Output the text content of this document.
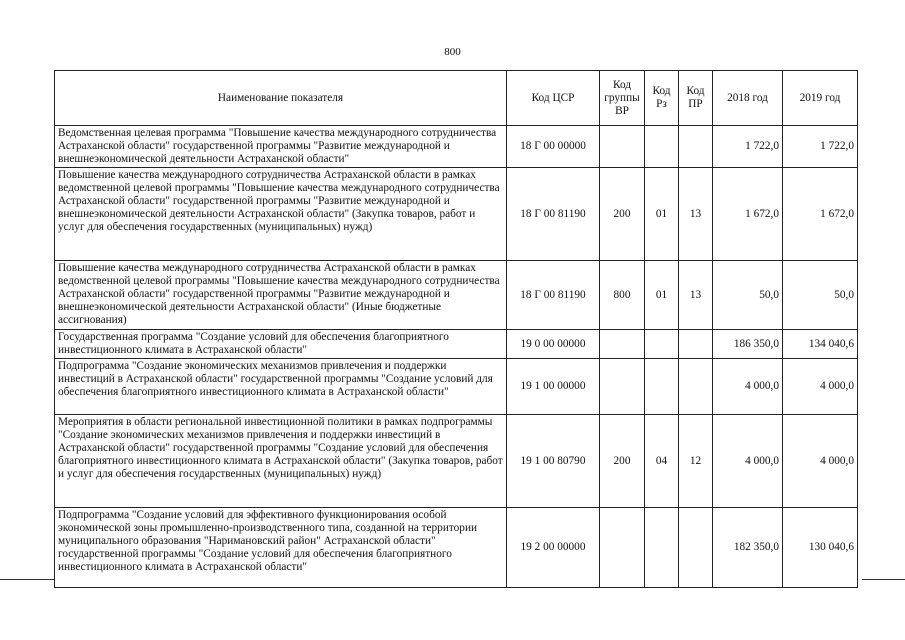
800
Наименование показателя	Код ЦСР	Код группы ВР	Код Рз	Код ПР	2018 год	2019 год
Ведомственная целевая программа "Повышение качества международного сотрудничества Астраханской области" государственной программы "Развитие международной и внешнеэкономической деятельности Астраханской области"	18 Г 00 00000				1 722,0	1 722,0
Повышение качества международного сотрудничества Астраханской области в рамках ведомственной целевой программы "Повышение качества международного сотрудничества Астраханской области" государственной программы "Развитие международной и внешнеэкономической деятельности Астраханской области" (Закупка товаров, работ и услуг для обеспечения государственных (муниципальных) нужд)	18 Г 00 81190	200	01	13	1 672,0	1 672,0
Повышение качества международного сотрудничества Астраханской области в рамках ведомственной целевой программы "Повышение качества международного сотрудничества Астраханской области" государственной программы "Развитие международной и внешнеэкономической деятельности Астраханской области" (Иные бюджетные ассигнования)	18 Г 00 81190	800	01	13	50,0	50,0
Государственная программа "Создание условий для обеспечения благоприятного инвестиционного климата в Астраханской области"	19 0 00 00000				186 350,0	134 040,6
Подпрограмма "Создание экономических механизмов привлечения и поддержки инвестиций в Астраханской области" государственной программы "Создание условий для обеспечения благоприятного инвестиционного климата в Астраханской области"	19 1 00 00000				4 000,0	4 000,0
Мероприятия в области региональной инвестиционной политики в рамках подпрограммы "Создание экономических механизмов привлечения и поддержки инвестиций в Астраханской области" государственной программы "Создание условий для обеспечения благоприятного инвестиционного климата в Астраханской области" (Закупка товаров, работ и услуг для обеспечения государственных (муниципальных) нужд)	19 1 00 80790	200	04	12	4 000,0	4 000,0
Подпрограмма "Создание условий для эффективного функционирования особой экономической зоны промышленно-производственного типа, созданной на территории муниципального образования "Наримановский район" Астраханской области" государственной программы "Создание условий для обеспечения благоприятного инвестиционного климата в Астраханской области"	19 2 00 00000				182 350,0	130 040,6
